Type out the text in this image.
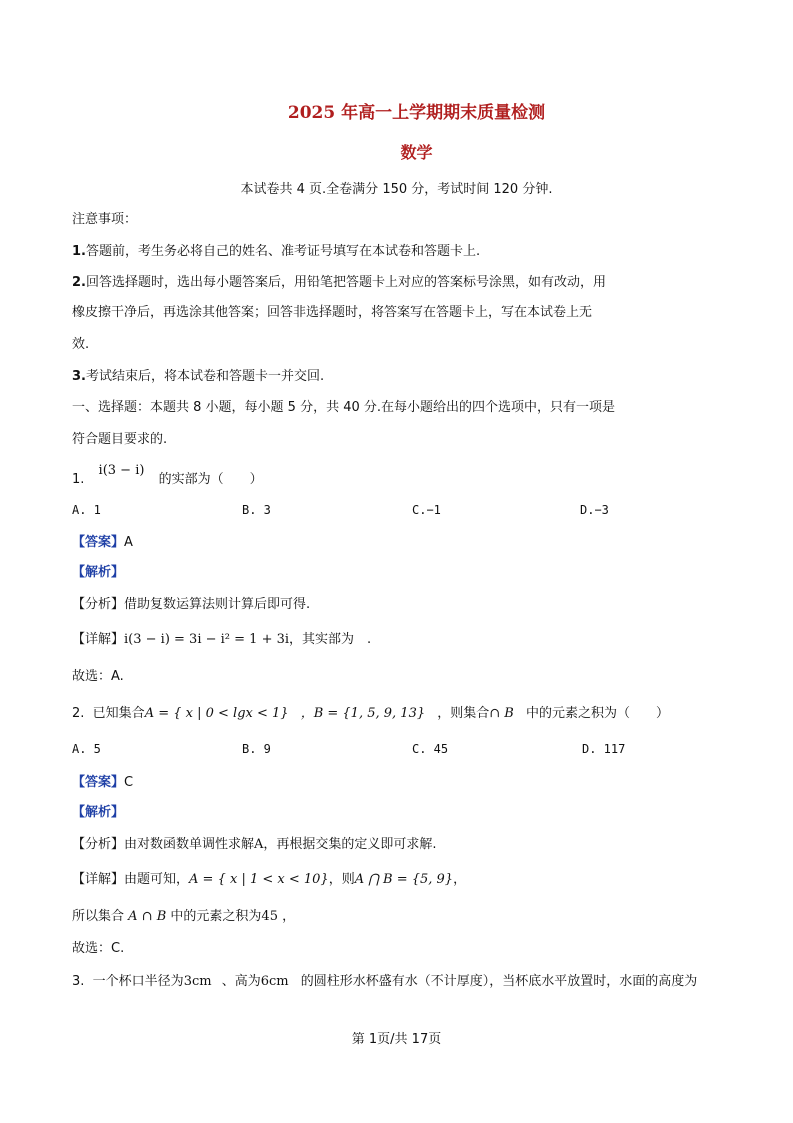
2025 年高一上学期期末质量检测
数学
本试卷共 4 页.全卷满分 150 分，考试时间 120 分钟.
注意事项：
1.答题前，考生务必将自己的姓名、准考证号填写在本试卷和答题卡上.
2.回答选择题时，选出每小题答案后，用铅笔把答题卡上对应的答案标号涂黑，如有改动，用
橡皮擦干净后，再选涂其他答案；回答非选择题时，将答案写在答题卡上，写在本试卷上无
效.
3.考试结束后，将本试卷和答题卡一并交回.
一、选择题：本题共 8 小题，每小题 5 分，共 40 分.在每小题给出的四个选项中，只有一项是
符合题目要求的.
1. i(3 − i) 的实部为（　　）
A. 1	B. 3	C.−1	D.−3
【答案】A
【解析】
【分析】借助复数运算法则计算后即可得.
【详解】i(3 − i) = 3i − i² = 1 + 3i，其实部为　.
故选：A.
2. 已知集合A = { x | 0 < lgx < 1} ，B = {1, 5, 9, 13} ，则集合∩ B 中的元素之积为（　　）
A. 5	B. 9	C. 45	D. 117
【答案】C
【解析】
【分析】由对数函数单调性求解A，再根据交集的定义即可求解.
【详解】由题可知，A = { x | 1 < x < 10}，则A ⋂ B = {5, 9}，
所以集合 A ∩ B 中的元素之积为45 ，
故选：C.
3. 一个杯口半径为3cm 、高为6cm 的圆柱形水杯盛有水（不计厚度），当杯底水平放置时，水面的高度为
第 1页/共 17页
